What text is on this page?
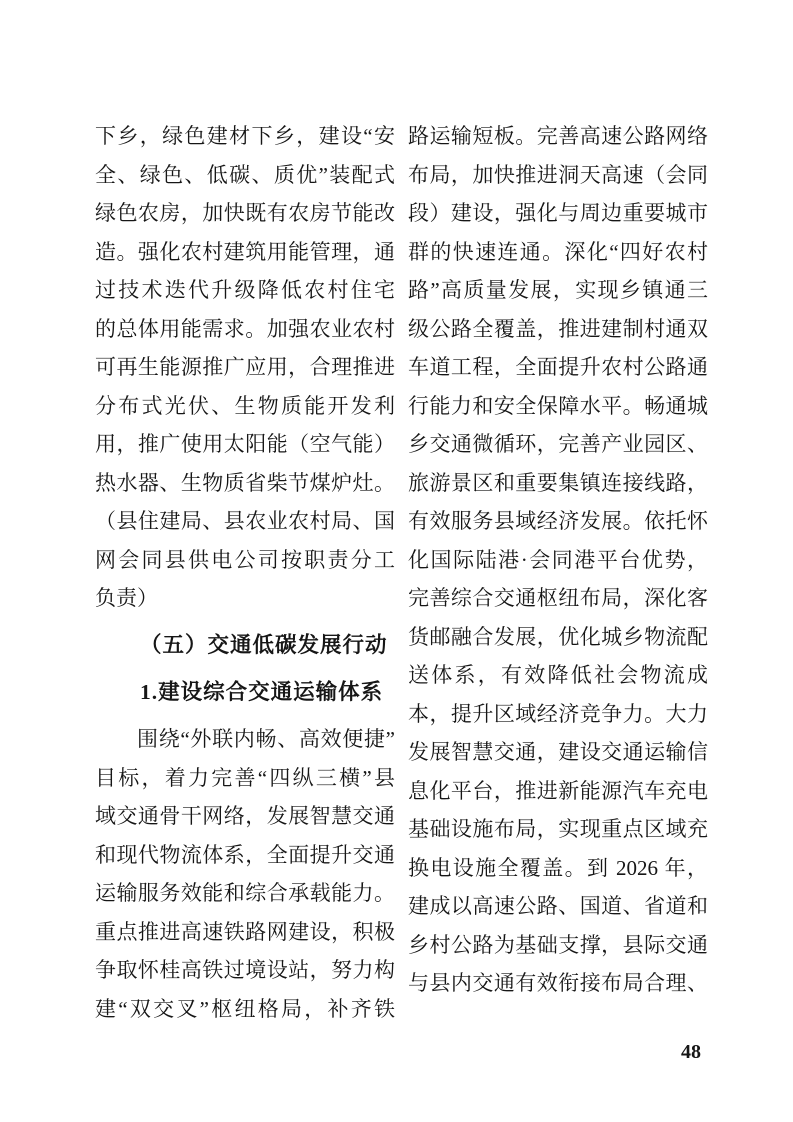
下乡，绿色建材下乡，建设“安
全、绿色、低碳、质优”装配式
绿色农房，加快既有农房节能改
造。强化农村建筑用能管理，通
过技术迭代升级降低农村住宅
的总体用能需求。加强农业农村
可再生能源推广应用，合理推进
分布式光伏、生物质能开发利
用，推广使用太阳能（空气能）
热水器、生物质省柴节煤炉灶。
（县住建局、县农业农村局、国
网会同县供电公司按职责分工
负责）
（五）交通低碳发展行动
1.建设综合交通运输体系
围绕“外联内畅、高效便捷”
目标，着力完善“四纵三横”县
域交通骨干网络，发展智慧交通
和现代物流体系，全面提升交通
运输服务效能和综合承载能力。
重点推进高速铁路网建设，积极
争取怀桂高铁过境设站，努力构
建“双交叉”枢纽格局，补齐铁
路运输短板。完善高速公路网络
布局，加快推进洞天高速（会同
段）建设，强化与周边重要城市
群的快速连通。深化“四好农村
路”高质量发展，实现乡镇通三
级公路全覆盖，推进建制村通双
车道工程，全面提升农村公路通
行能力和安全保障水平。畅通城
乡交通微循环，完善产业园区、
旅游景区和重要集镇连接线路，
有效服务县域经济发展。依托怀
化国际陆港·会同港平台优势，
完善综合交通枢纽布局，深化客
货邮融合发展，优化城乡物流配
送体系，有效降低社会物流成
本，提升区域经济竞争力。大力
发展智慧交通，建设交通运输信
息化平台，推进新能源汽车充电
基础设施布局，实现重点区域充
换电设施全覆盖。到 2026 年，
建成以高速公路、国道、省道和
乡村公路为基础支撑，县际交通
与县内交通有效衔接布局合理、
48
